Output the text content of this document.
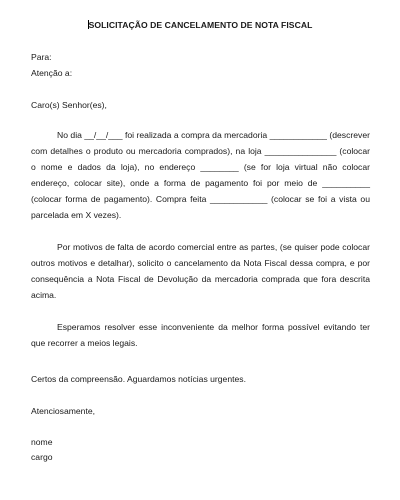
SOLICITAÇÃO DE CANCELAMENTO DE NOTA FISCAL
Para:
Atenção a:
Caro(s) Senhor(es),

No dia __/__/___ foi realizada a compra da mercadoria ____________ (descrever com detalhes o produto ou mercadoria comprados), na loja _______________ (colocar o nome e dados da loja), no endereço ________ (se for loja virtual não colocar endereço, colocar site), onde a forma de pagamento foi por meio de __________ (colocar forma de pagamento). Compra feita ____________ (colocar se foi a vista ou parcelada em X vezes).

Por motivos de falta de acordo comercial entre as partes, (se quiser pode colocar outros motivos e detalhar), solicito o cancelamento da Nota Fiscal dessa compra, e por consequência a Nota Fiscal de Devolução da mercadoria comprada que fora descrita acima.

Esperamos resolver esse inconveniente da melhor forma possível evitando ter que recorrer a meios legais.

Certos da compreensão. Aguardamos notícias urgentes.
Atenciosamente,
nome
cargo
